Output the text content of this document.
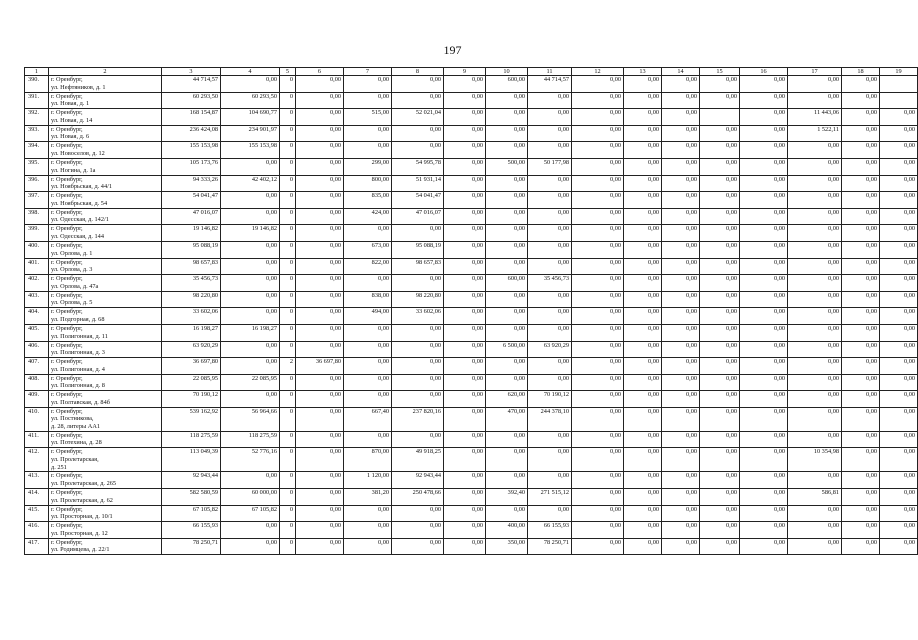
197
1	2	3	4	5	6	7	8	9	10	11	12	13	14	15	16	17	18	19
390.	г. Оренбург,
ул. Нефтяников, д. 1	44 714,57	0,00	0	0,00	0,00	0,00	0,00	600,00	44 714,57	0,00	0,00	0,00	0,00	0,00	0,00	0,00	
391.	г. Оренбург,
ул. Новая, д. 1	60 293,50	60 293,50	0	0,00	0,00	0,00	0,00	0,00	0,00	0,00	0,00	0,00	0,00	0,00	0,00	0,00	
392.	г. Оренбург,
ул. Новая, д. 14	168 154,87	104 690,77	0	0,00	515,00	52 021,04	0,00	0,00	0,00	0,00	0,00	0,00		0,00	11 443,06	0,00	0,00
393.	г. Оренбург,
ул. Новая, д. 6	236 424,08	234 901,97	0	0,00	0,00	0,00	0,00	0,00	0,00	0,00	0,00	0,00	0,00	0,00	1 522,11	0,00	0,00
394.	г. Оренбург,
ул. Новоселов, д. 12	155 153,98	155 153,98	0	0,00	0,00	0,00	0,00	0,00	0,00	0,00	0,00	0,00	0,00	0,00	0,00	0,00	0,00
395.	г. Оренбург,
ул. Ногина, д. 1а	105 173,76	0,00	0	0,00	299,00	54 995,78	0,00	500,00	50 177,98	0,00	0,00	0,00	0,00	0,00	0,00	0,00	0,00
396.	г. Оренбург,
ул. Ноябрьская, д. 44/1	94 333,26	42 402,12	0	0,00	800,00	51 931,14	0,00	0,00	0,00	0,00	0,00	0,00	0,00	0,00	0,00	0,00	0,00
397.	г. Оренбург,
ул. Ноябрьская, д. 54	54 041,47	0,00	0	0,00	835,00	54 041,47	0,00	0,00	0,00	0,00	0,00	0,00	0,00	0,00	0,00	0,00	0,00
398.	г. Оренбург,
ул. Одесская, д. 142/1	47 016,07	0,00	0	0,00	424,00	47 016,07	0,00	0,00	0,00	0,00	0,00	0,00	0,00	0,00	0,00	0,00	0,00
399.	г. Оренбург,
ул. Одесская, д. 144	19 146,82	19 146,82	0	0,00	0,00	0,00	0,00	0,00	0,00	0,00	0,00	0,00	0,00	0,00	0,00	0,00	0,00
400.	г. Оренбург,
ул. Орлова, д. 1	95 088,19	0,00	0	0,00	673,00	95 088,19	0,00	0,00	0,00	0,00	0,00	0,00	0,00	0,00	0,00	0,00	0,00
401.	г. Оренбург,
ул. Орлова, д. 3	98 657,83	0,00	0	0,00	822,00	98 657,83	0,00	0,00	0,00	0,00	0,00	0,00	0,00	0,00	0,00	0,00	0,00
402.	г. Оренбург,
ул. Орлова, д. 47а	35 456,73	0,00	0	0,00	0,00	0,00	0,00	600,00	35 456,73	0,00	0,00	0,00	0,00	0,00	0,00	0,00	0,00
403.	г. Оренбург,
ул. Орлова, д. 5	98 220,80	0,00	0	0,00	838,00	98 220,80	0,00	0,00	0,00	0,00	0,00	0,00	0,00	0,00	0,00	0,00	0,00
404.	г. Оренбург,
ул. Подгорная, д. 68	33 602,06	0,00	0	0,00	494,00	33 602,06	0,00	0,00	0,00	0,00	0,00	0,00	0,00	0,00	0,00	0,00	0,00
405.	г. Оренбург,
ул. Полигонная, д. 11	16 198,27	16 198,27	0	0,00	0,00	0,00	0,00	0,00	0,00	0,00	0,00	0,00	0,00	0,00	0,00	0,00	0,00
406.	г. Оренбург,
ул. Полигонная, д. 3	63 920,29	0,00	0	0,00	0,00	0,00	0,00	6 500,00	63 920,29	0,00	0,00	0,00	0,00	0,00	0,00	0,00	0,00
407.	г. Оренбург,
ул. Полигонная, д. 4	36 697,80	0,00	2	36 697,80	0,00	0,00	0,00	0,00	0,00	0,00	0,00	0,00	0,00	0,00	0,00	0,00	0,00
408.	г. Оренбург,
ул. Полигонная, д. 8	22 085,95	22 085,95	0	0,00	0,00	0,00	0,00	0,00	0,00	0,00	0,00	0,00	0,00	0,00	0,00	0,00	0,00
409.	г. Оренбург,
ул. Полтавская, д. 84б	70 190,12	0,00	0	0,00	0,00	0,00	0,00	620,00	70 190,12	0,00	0,00	0,00	0,00	0,00	0,00	0,00	0,00
410.	г. Оренбург,
ул. Постникова,
д. 28, литеры АА1	539 162,92	56 964,66	0	0,00	667,40	237 820,16	0,00	470,00	244 378,10	0,00	0,00	0,00	0,00	0,00	0,00	0,00	0,00
411.	г. Оренбург,
ул. Потехина, д. 28	118 275,59	118 275,59	0	0,00	0,00	0,00	0,00	0,00	0,00	0,00	0,00	0,00	0,00	0,00	0,00	0,00	0,00
412.	г. Оренбург,
ул. Пролетарская,
д. 251	113 049,39	52 776,16	0	0,00	870,00	49 918,25	0,00	0,00	0,00	0,00	0,00	0,00	0,00	0,00	10 354,98	0,00	0,00
413.	г. Оренбург,
ул. Пролетарская, д. 265	92 943,44	0,00	0	0,00	1 120,00	92 943,44	0,00	0,00	0,00	0,00	0,00	0,00	0,00	0,00	0,00	0,00	0,00
414.	г. Оренбург,
ул. Пролетарская, д. 62	582 580,59	60 000,00	0	0,00	381,20	250 478,66	0,00	392,40	271 515,12	0,00	0,00	0,00	0,00	0,00	586,81	0,00	0,00
415.	г. Оренбург,
ул. Просторная, д. 10/1	67 105,82	67 105,82	0	0,00	0,00	0,00	0,00	0,00	0,00	0,00	0,00	0,00	0,00	0,00	0,00	0,00	0,00
416.	г. Оренбург,
ул. Просторная, д. 12	66 155,93	0,00	0	0,00	0,00	0,00	0,00	400,00	66 155,93	0,00	0,00	0,00	0,00	0,00	0,00	0,00	0,00
417.	г. Оренбург,
ул. Родимцева, д. 22/1	78 250,71	0,00	0	0,00	0,00	0,00	0,00	350,00	78 250,71	0,00	0,00	0,00	0,00	0,00	0,00	0,00	0,00
